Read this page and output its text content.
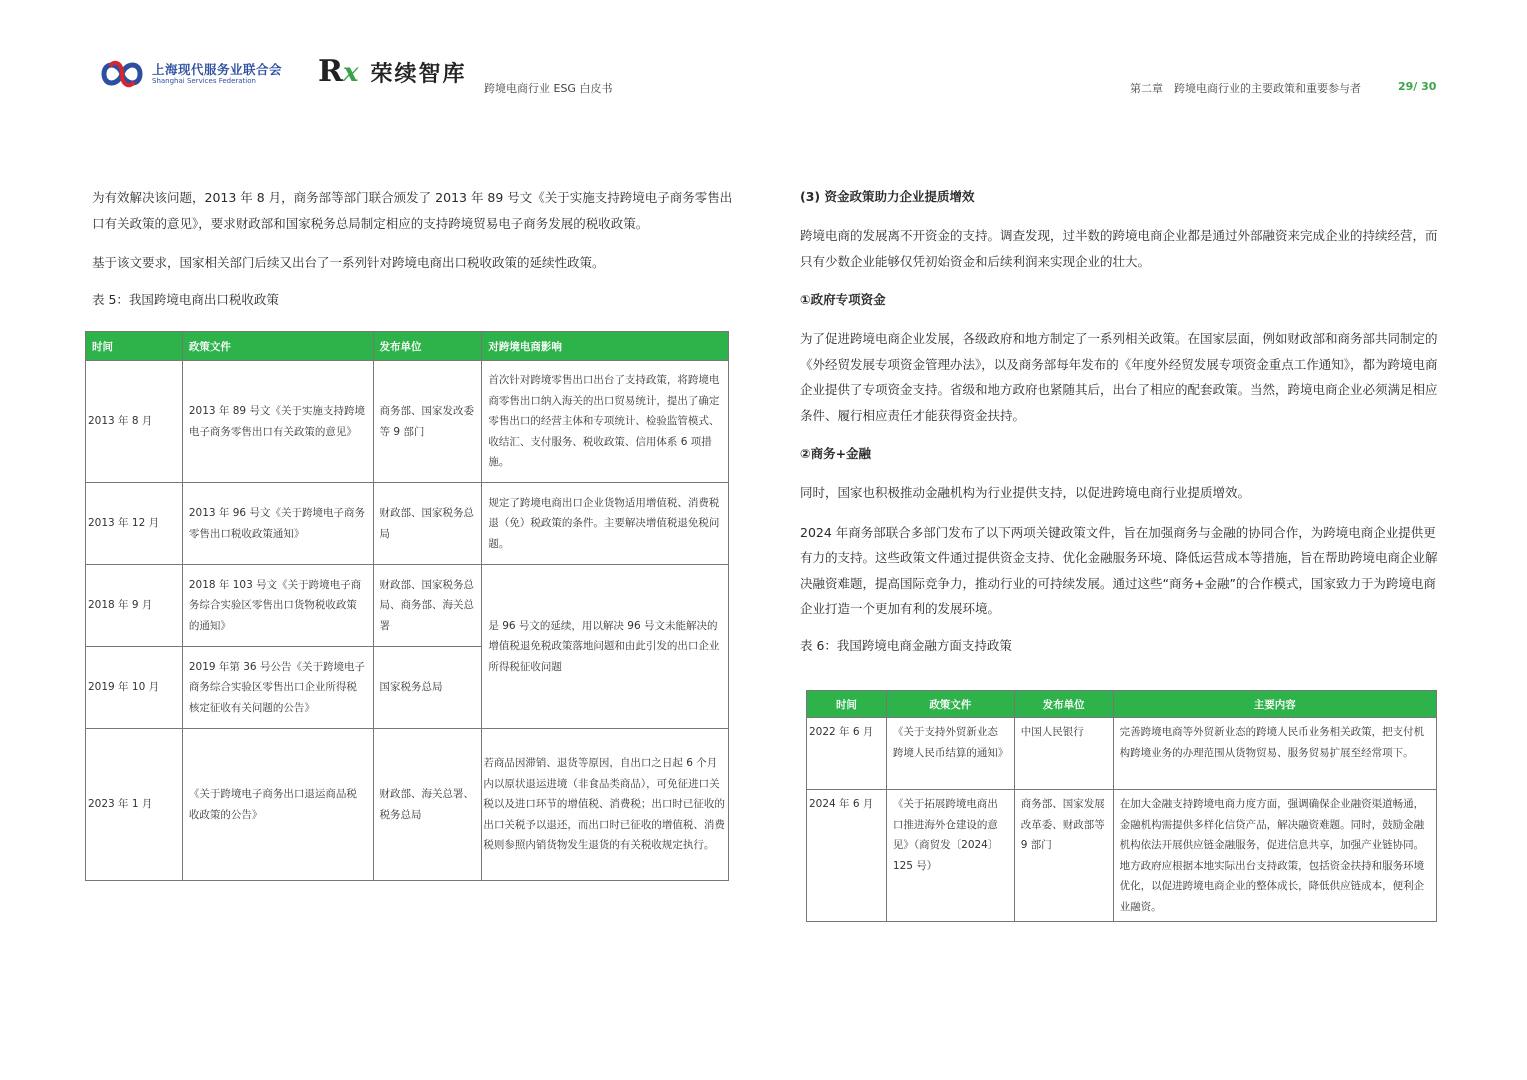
上海现代服务业联合会
Shanghai Services Federation	Rx 荣续智库
跨境电商行业 ESG 白皮书	第二章　跨境电商行业的主要政策和重要参与者	29/ 30

为有效解决该问题，2013 年 8 月，商务部等部门联合颁发了 2013 年 89 号文《关于实施支持跨境电子商务零售出口有关政策的意见》，要求财政部和国家税务总局制定相应的支持跨境贸易电子商务发展的税收政策。

基于该文要求，国家相关部门后续又出台了一系列针对跨境电商出口税收政策的延续性政策。

表 5：我国跨境电商出口税收政策
时间	政策文件	发布单位	对跨境电商影响
2013 年 8 月	2013 年 89 号文《关于实施支持跨境电子商务零售出口有关政策的意见》	商务部、国家发改委等 9 部门	首次针对跨境零售出口出台了支持政策，将跨境电商零售出口纳入海关的出口贸易统计，提出了确定零售出口的经营主体和专项统计、检验监管模式、收结汇、支付服务、税收政策、信用体系 6 项措施。
2013 年 12 月	2013 年 96 号文《关于跨境电子商务零售出口税收政策通知》	财政部、国家税务总局	规定了跨境电商出口企业货物适用增值税、消费税退（免）税政策的条件。主要解决增值税退免税问题。
2018 年 9 月	2018 年 103 号文《关于跨境电子商务综合实验区零售出口货物税收政策的通知》	财政部、国家税务总局、商务部、海关总署	是 96 号文的延续，用以解决 96 号文未能解决的增值税退免税政策落地问题和由此引发的出口企业所得税征收问题
2019 年 10 月	2019 年第 36 号公告《关于跨境电子商务综合实验区零售出口企业所得税核定征收有关问题的公告》	国家税务总局	
2023 年 1 月	《关于跨境电子商务出口退运商品税收政策的公告》	财政部、海关总署、税务总局	若商品因滞销、退货等原因，自出口之日起 6 个月内以原状退运进境（非食品类商品），可免征进口关税以及进口环节的增值税、消费税；出口时已征收的出口关税予以退还，而出口时已征收的增值税、消费税则参照内销货物发生退货的有关税收规定执行。
(3) 资金政策助力企业提质增效

跨境电商的发展离不开资金的支持。调查发现，过半数的跨境电商企业都是通过外部融资来完成企业的持续经营，而只有少数企业能够仅凭初始资金和后续利润来实现企业的壮大。

①政府专项资金

为了促进跨境电商企业发展，各级政府和地方制定了一系列相关政策。在国家层面，例如财政部和商务部共同制定的《外经贸发展专项资金管理办法》，以及商务部每年发布的《年度外经贸发展专项资金重点工作通知》，都为跨境电商企业提供了专项资金支持。省级和地方政府也紧随其后，出台了相应的配套政策。当然，跨境电商企业必须满足相应条件、履行相应责任才能获得资金扶持。

②商务+金融

同时，国家也积极推动金融机构为行业提供支持，以促进跨境电商行业提质增效。

2024 年商务部联合多部门发布了以下两项关键政策文件，旨在加强商务与金融的协同合作，为跨境电商企业提供更有力的支持。这些政策文件通过提供资金支持、优化金融服务环境、降低运营成本等措施，旨在帮助跨境电商企业解决融资难题，提高国际竞争力，推动行业的可持续发展。通过这些“商务+金融”的合作模式，国家致力于为跨境电商企业打造一个更加有利的发展环境。

表 6：我国跨境电商金融方面支持政策
时间	政策文件	发布单位	主要内容
2022 年 6 月	《关于支持外贸新业态跨境人民币结算的通知》	中国人民银行	完善跨境电商等外贸新业态的跨境人民币业务相关政策，把支付机构跨境业务的办理范围从货物贸易、服务贸易扩展至经常项下。
2024 年 6 月	《关于拓展跨境电商出口推进海外仓建设的意见》（商贸发〔2024〕125 号）	商务部、国家发展改革委、财政部等 9 部门	在加大金融支持跨境电商力度方面，强调确保企业融资渠道畅通，金融机构需提供多样化信贷产品，解决融资难题。同时，鼓励金融机构依法开展供应链金融服务，促进信息共享，加强产业链协同。地方政府应根据本地实际出台支持政策，包括资金扶持和服务环境优化，以促进跨境电商企业的整体成长，降低供应链成本，便利企业融资。
